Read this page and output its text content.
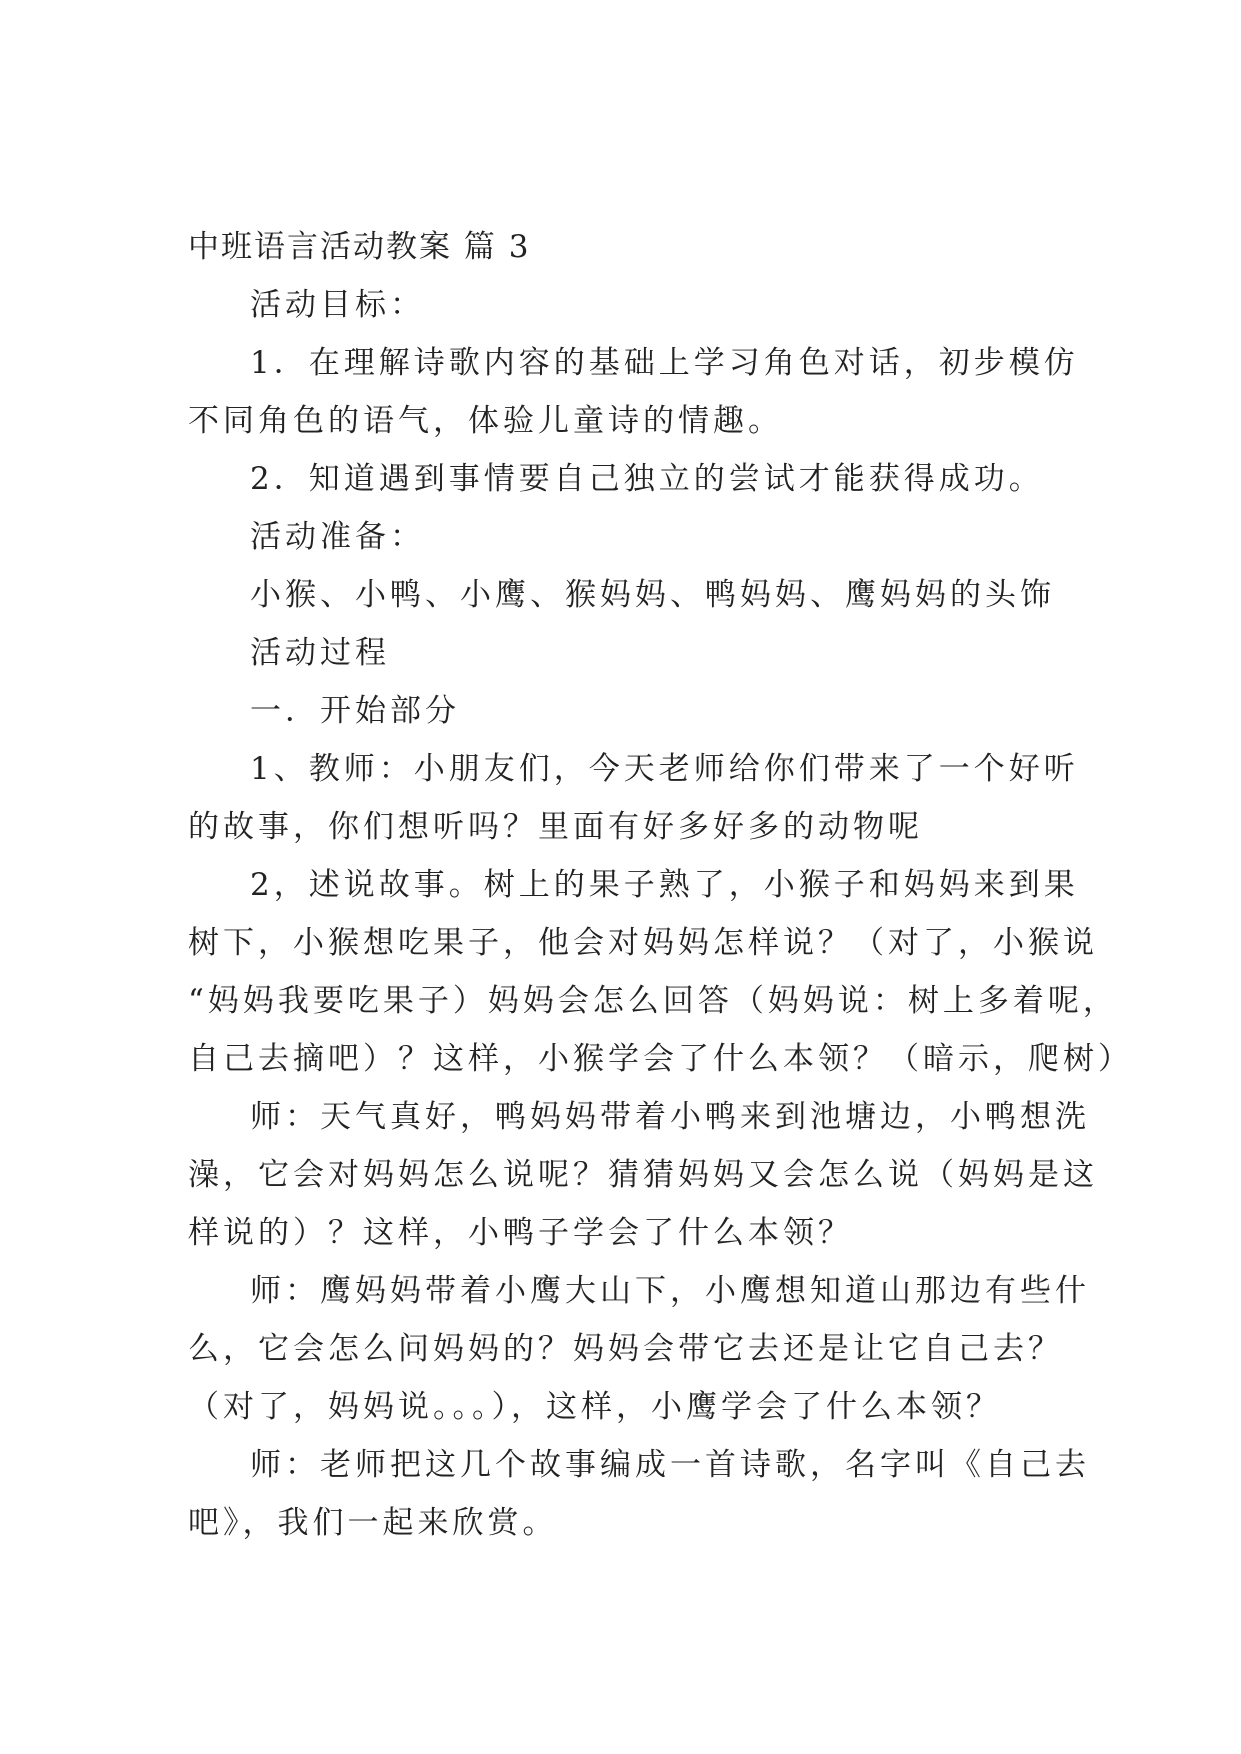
中班语言活动教案 篇 3

活动目标：

1．在理解诗歌内容的基础上学习角色对话，初步模仿

不同角色的语气，体验儿童诗的情趣。

2．知道遇到事情要自己独立的尝试才能获得成功。

活动准备：

小猴、小鸭、小鹰、猴妈妈、鸭妈妈、鹰妈妈的头饰

活动过程

一．开始部分

1、教师：小朋友们，今天老师给你们带来了一个好听

的故事，你们想听吗？里面有好多好多的动物呢

2，述说故事。树上的果子熟了，小猴子和妈妈来到果

树下，小猴想吃果子，他会对妈妈怎样说？（对了，小猴说

“妈妈我要吃果子）妈妈会怎么回答（妈妈说：树上多着呢，

自己去摘吧）？这样，小猴学会了什么本领？（暗示，爬树）

师：天气真好，鸭妈妈带着小鸭来到池塘边，小鸭想洗

澡，它会对妈妈怎么说呢？猜猜妈妈又会怎么说（妈妈是这

样说的）？这样，小鸭子学会了什么本领？

师：鹰妈妈带着小鹰大山下，小鹰想知道山那边有些什

么，它会怎么问妈妈的？妈妈会带它去还是让它自己去？

（对了，妈妈说。。。），这样，小鹰学会了什么本领？

师：老师把这几个故事编成一首诗歌，名字叫《自己去

吧》，我们一起来欣赏。
